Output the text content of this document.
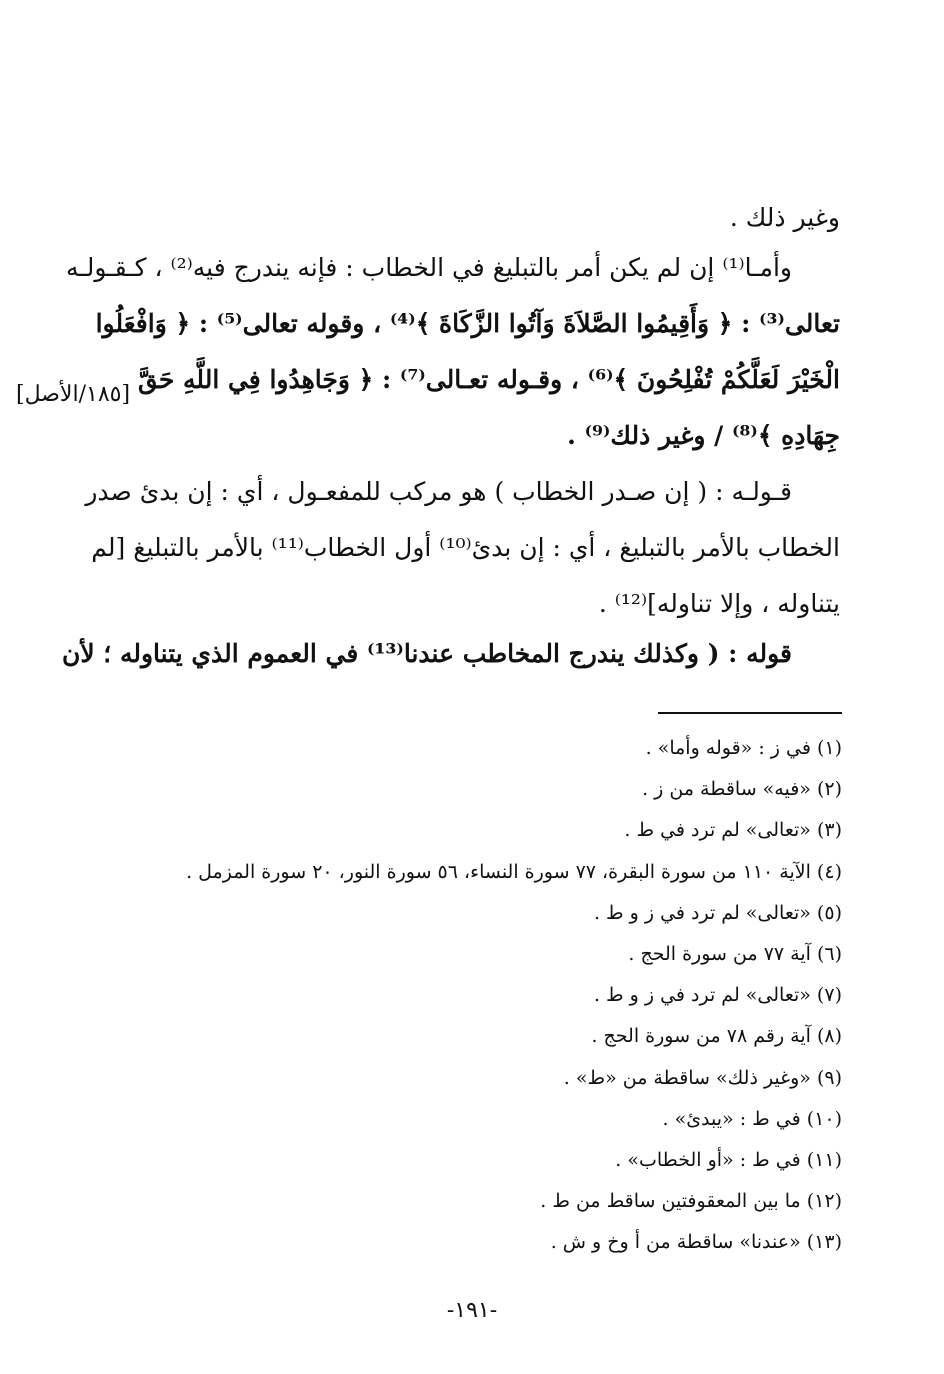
وغير ذلك .
وأمـا⁽¹⁾ إن لم يكن أمر بالتبليغ في الخطاب : فإنه يندرج فيه⁽²⁾ ، كـقـولـه
تعالى⁽³⁾ : ﴿ وَأَقِيمُوا الصَّلاَةَ وَآتُوا الزَّكَاةَ ﴾⁽⁴⁾ ، وقوله تعالى⁽⁵⁾ : ﴿ وَافْعَلُوا
الْخَيْرَ لَعَلَّكُمْ تُفْلِحُونَ ﴾⁽⁶⁾ ، وقـوله تعـالى⁽⁷⁾ : ﴿ وَجَاهِدُوا فِي اللَّهِ حَقَّ
جِهَادِهِ ﴾⁽⁸⁾ / وغير ذلك⁽⁹⁾ .
[١٨٥/الأصل]
قـولـه : ( إن صـدر الخطاب ) هو مركب للمفعـول ، أي : إن بدئ صدر
الخطاب بالأمر بالتبليغ ، أي : إن بدئ⁽¹⁰⁾ أول الخطاب⁽¹¹⁾ بالأمر بالتبليغ [لم
يتناوله ، وإلا تناوله]⁽¹²⁾ .
قوله : ( وكذلك يندرج المخاطب عندنا⁽¹³⁾ في العموم الذي يتناوله ؛ لأن
(١) في ز : «قوله وأما» .
(٢) «فيه» ساقطة من ز .
(٣) «تعالى» لم ترد في ط .
(٤) الآية ١١٠ من سورة البقرة، ٧٧ سورة النساء، ٥٦ سورة النور، ٢٠ سورة المزمل .
(٥) «تعالى» لم ترد في ز و ط .
(٦) آية ٧٧ من سورة الحج .
(٧) «تعالى» لم ترد في ز و ط .
(٨) آية رقم ٧٨ من سورة الحج .
(٩) «وغير ذلك» ساقطة من «ط» .
(١٠) في ط : «يبدئ» .
(١١) في ط : «أو الخطاب» .
(١٢) ما بين المعقوفتين ساقط من ط .
(١٣) «عندنا» ساقطة من أ وخ و ش .
-١٩١-
